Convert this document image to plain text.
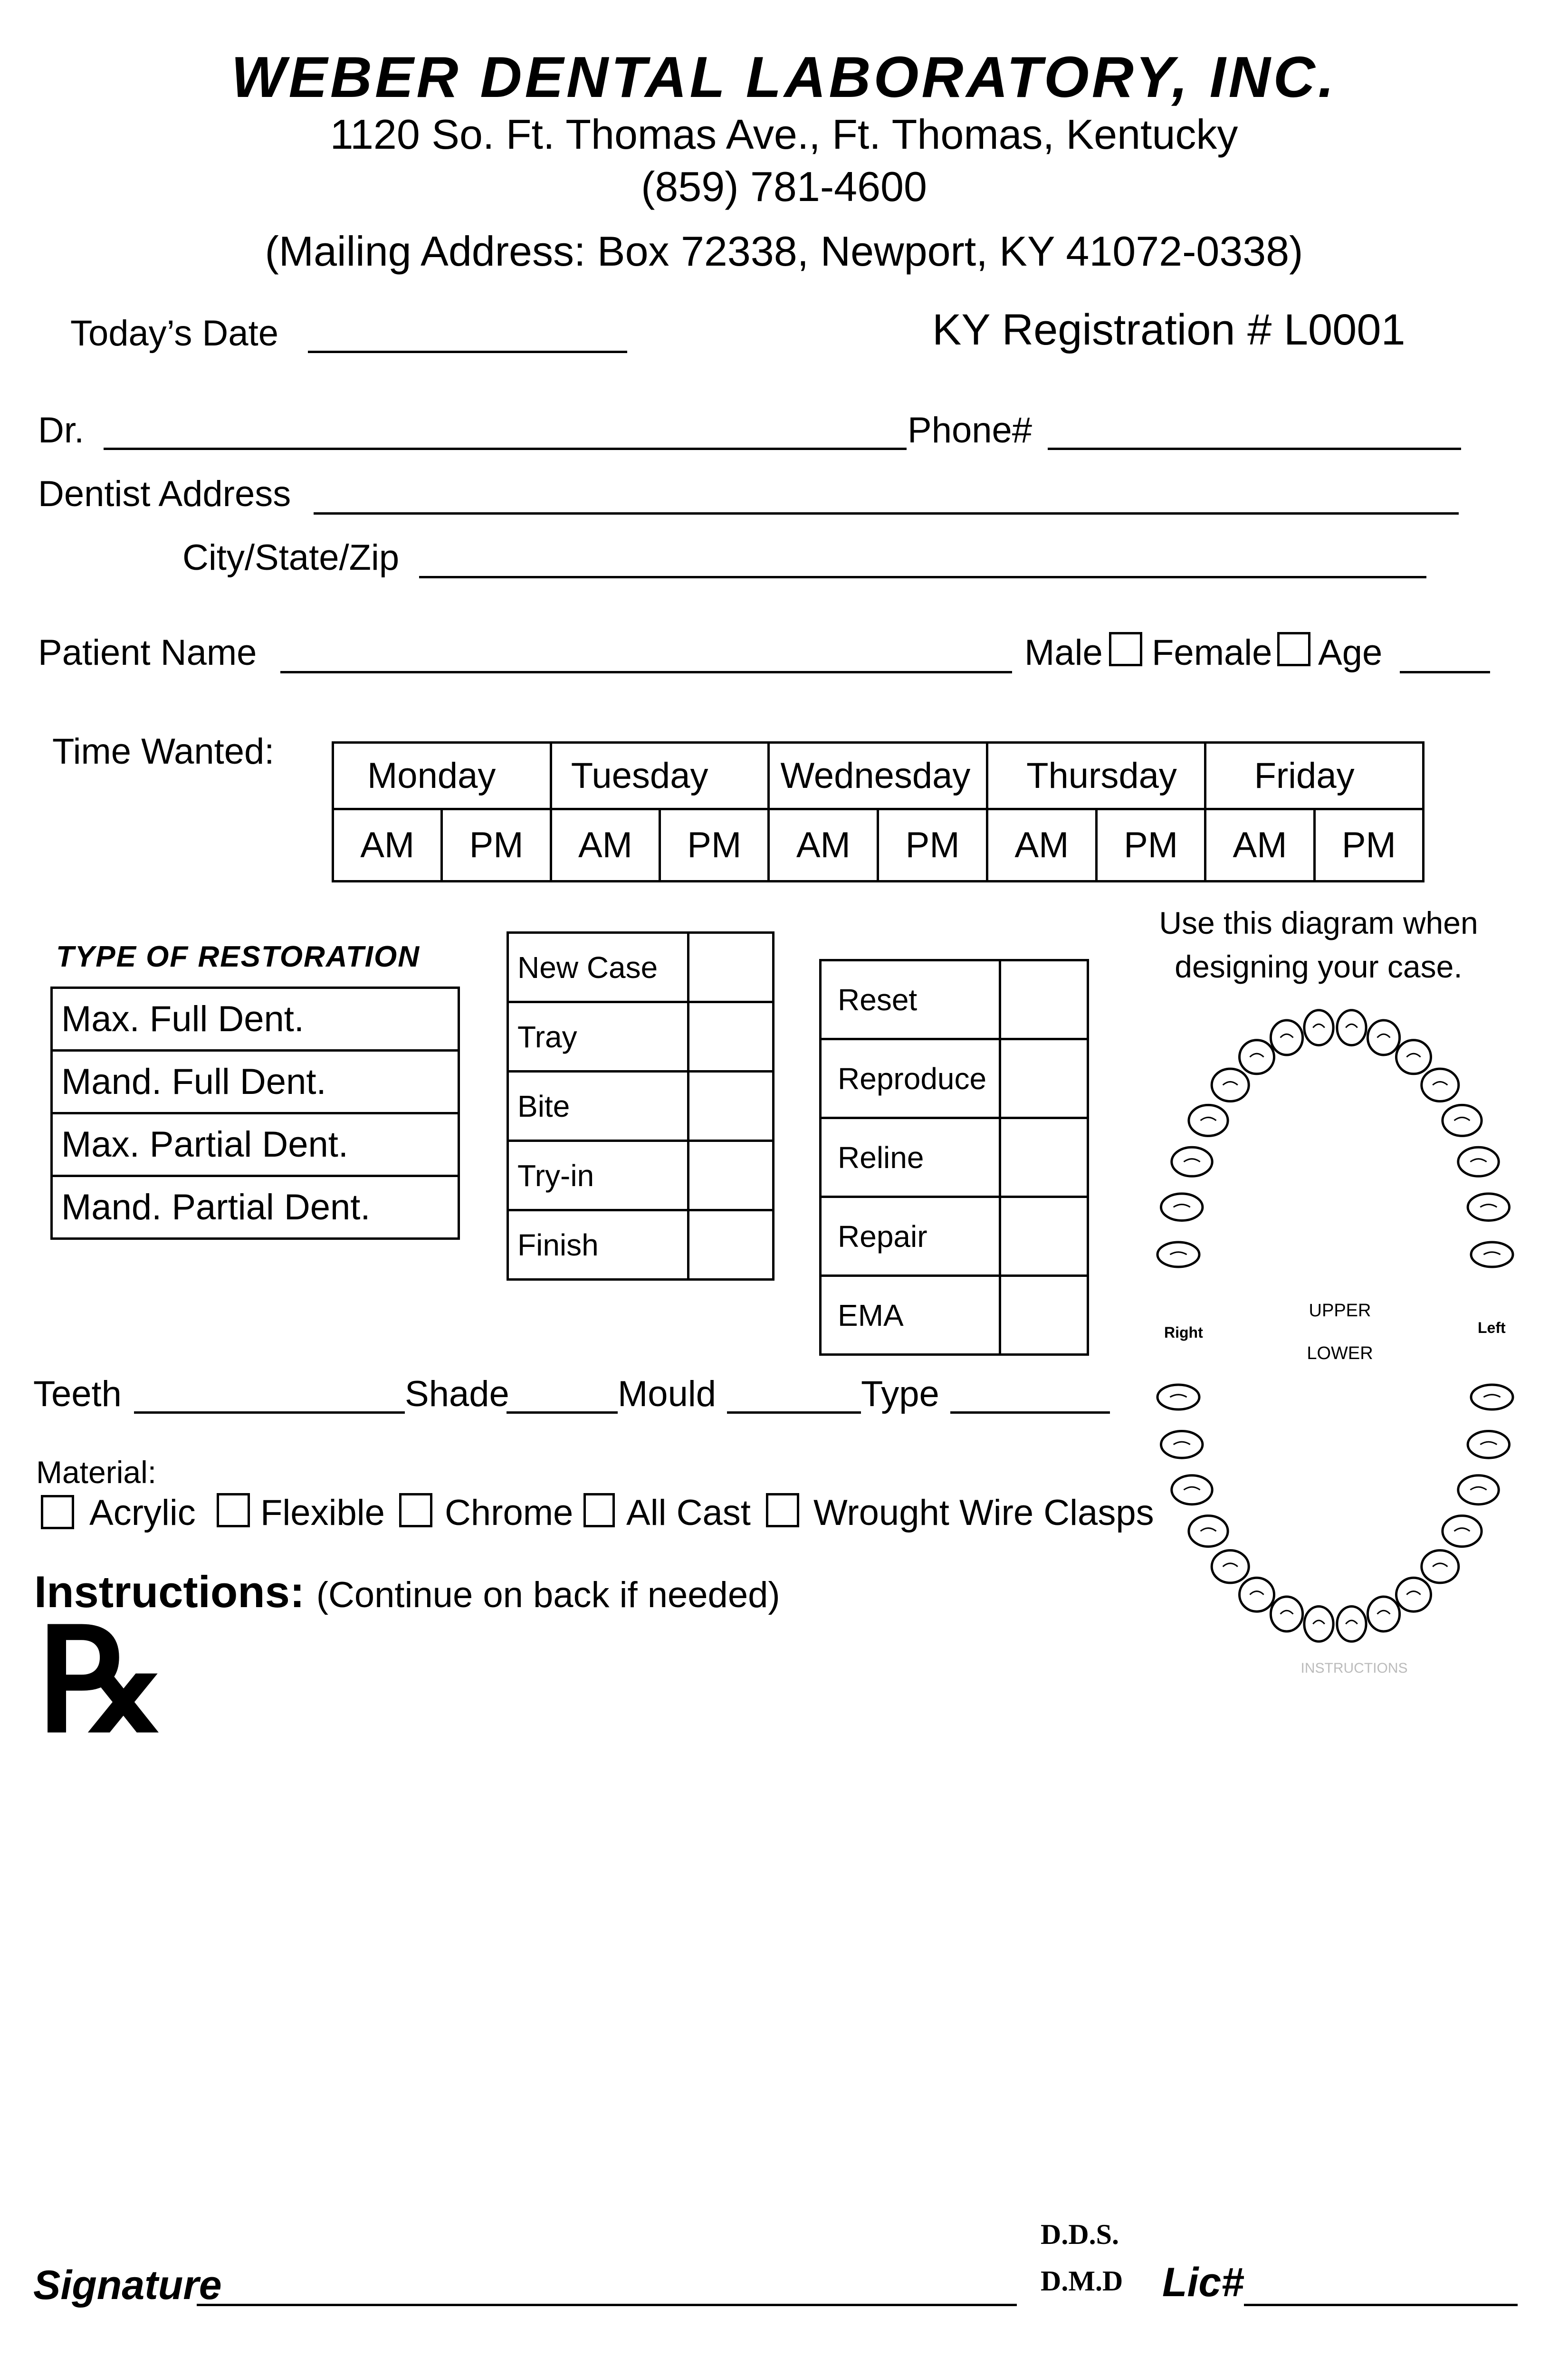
WEBER DENTAL LABORATORY, INC.
1120 So. Ft. Thomas Ave., Ft. Thomas, Kentucky
(859) 781-4600
(Mailing Address: Box 72338, Newport, KY 41072-0338)
Today’s Date	KY Registration # L0001
Dr.	Phone#
Dentist Address
City/State/Zip
Patient Name	Male Female Age
Time Wanted:
Monday		Tuesday		Wednesday		Thursday		Friday	
AM	PM	AM	PM	AM	PM	AM	PM	AM	PM
TYPE OF RESTORATION
Max. Full Dent.
Mand. Full Dent.
Max. Partial Dent.
Mand. Partial Dent.
New Case	
Tray	
Bite	
Try-in	
Finish	
Reset	
Reproduce	
Reline	
Repair	
EMA	
Use this diagram when
designing your case.
UPPER
LOWER
Right	Left
INSTRUCTIONS
Teeth	Shade	Mould	Type
Material:
Acrylic Flexible Chrome All Cast Wrought Wire Clasps
Instructions: (Continue on back if needed)
℞
Signature
D.D.S.
D.M.D Lic#
